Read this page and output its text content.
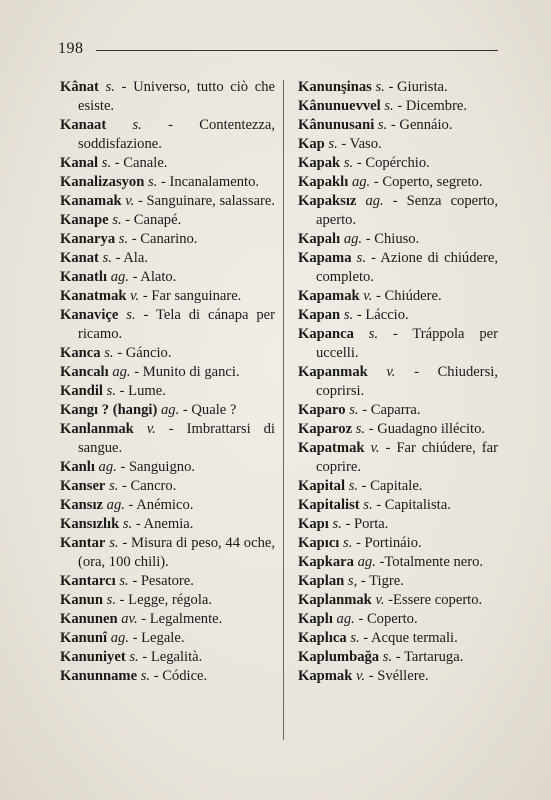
198

Kânat s. - Universo, tutto ciò che esiste.

Kanaat s. - Contentezza, soddisfazione.

Kanal s. - Canale.

Kanalizasyon s. - Incanalamento.

Kanamak v. - Sanguinare, salassare.

Kanape s. - Canapé.

Kanarya s. - Canarino.

Kanat s. - Ala.

Kanatlı ag. - Alato.

Kanatmak v. - Far sanguinare.

Kanaviçe s. - Tela di cánapa per ricamo.

Kanca s. - Gáncio.

Kancalı ag. - Munito di ganci.

Kandil s. - Lume.

Kangı ? (hangi) ag. - Quale ?

Kanlanmak v. - Imbrattarsi di sangue.

Kanlı ag. - Sanguigno.

Kanser s. - Cancro.

Kansız ag. - Anémico.

Kansızlık s. - Anemia.

Kantar s. - Misura di peso, 44 oche, (ora, 100 chili).

Kantarcı s. - Pesatore.

Kanun s. - Legge, régola.

Kanunen av. - Legalmente.

Kanunî ag. - Legale.

Kanuniyet s. - Legalità.

Kanunname s. - Códice.

Kanunşinas s. - Giurista.

Kânunuevvel s. - Dicembre.

Kânunusani s. - Gennáio.

Kap s. - Vaso.

Kapak s. - Copérchio.

Kapaklı ag. - Coperto, segreto.

Kapaksız ag. - Senza coperto, aperto.

Kapalı ag. - Chiuso.

Kapama s. - Azione di chiúdere, completo.

Kapamak v. - Chiúdere.

Kapan s. - Láccio.

Kapanca s. - Tráppola per uccelli.

Kapanmak v. - Chiudersi, coprirsi.

Kaparo s. - Caparra.

Kaparoz s. - Guadagno illécito.

Kapatmak v. - Far chiúdere, far coprire.

Kapital s. - Capitale.

Kapitalist s. - Capitalista.

Kapı s. - Porta.

Kapıcı s. - Portináio.

Kapkara ag. -Totalmente nero.

Kaplan s, - Tigre.

Kaplanmak v. -Essere coperto.

Kaplı ag. - Coperto.

Kaplıca s. - Acque termali.

Kaplumbağa s. - Tartaruga.

Kapmak v. - Svéllere.
